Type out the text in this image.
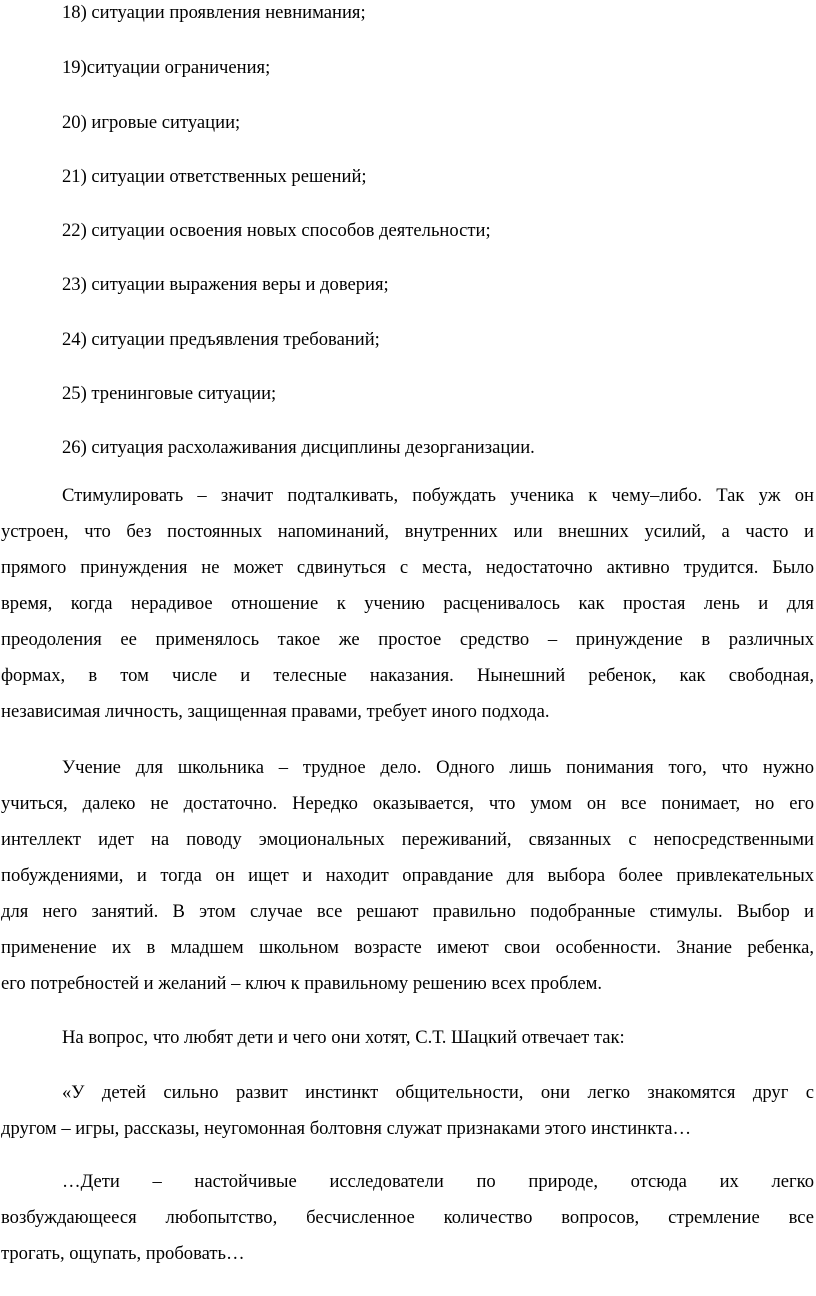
18) ситуации проявления невнимания;
19)ситуации ограничения;
20) игровые ситуации;
21) ситуации ответственных решений;
22) ситуации освоения новых способов деятельности;
23) ситуации выражения веры и доверия;
24) ситуации предъявления требований;
25) тренинговые ситуации;
26) ситуация расхолаживания дисциплины дезорганизации.
Стимулировать – значит подталкивать, побуждать ученика к чему–либо. Так уж он
устроен, что без постоянных напоминаний, внутренних или внешних усилий, а часто и
прямого принуждения не может сдвинуться с места, недостаточно активно трудится. Было
время, когда нерадивое отношение к учению расценивалось как простая лень и для
преодоления ее применялось такое же простое средство – принуждение в различных
формах, в том числе и телесные наказания. Нынешний ребенок, как свободная,
независимая личность, защищенная правами, требует иного подхода.
Учение для школьника – трудное дело. Одного лишь понимания того, что нужно
учиться, далеко не достаточно. Нередко оказывается, что умом он все понимает, но его
интеллект идет на поводу эмоциональных переживаний, связанных с непосредственными
побуждениями, и тогда он ищет и находит оправдание для выбора более привлекательных
для него занятий. В этом случае все решают правильно подобранные стимулы. Выбор и
применение их в младшем школьном возрасте имеют свои особенности. Знание ребенка,
его потребностей и желаний – ключ к правильному решению всех проблем.
На вопрос, что любят дети и чего они хотят, С.Т. Шацкий отвечает так:
«У детей сильно развит инстинкт общительности, они легко знакомятся друг с
другом – игры, рассказы, неугомонная болтовня служат признаками этого инстинкта…
…Дети – настойчивые исследователи по природе, отсюда их легко
возбуждающееся любопытство, бесчисленное количество вопросов, стремление все
трогать, ощупать, пробовать…
